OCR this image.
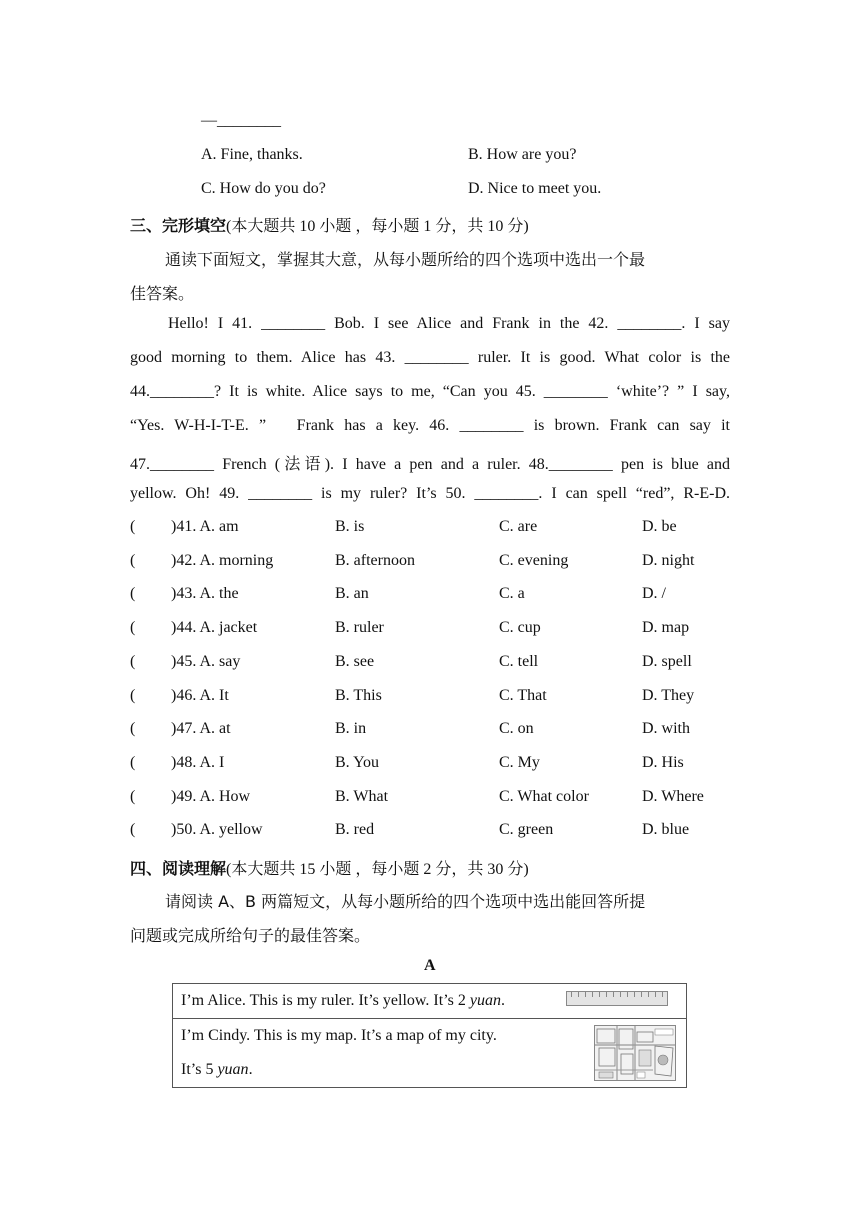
—________
A. Fine, thanks.	B. How are you?
C. How do you do?	D. Nice to meet you.
三、完形填空(本大题共 10 小题 ，每小题 1 分，共 10 分)
通读下面短文，掌握其大意，从每小题所给的四个选项中选出一个最
佳答案。
Hello! I 41. ________ Bob. I see Alice and Frank in the 42. ________. I say
good morning to them. Alice has 43. ________ ruler. It is good. What color is the
44.________? It is white. Alice says to me, “Can you 45. ________ ‘white’? ” I say,
“Yes. W-H-I-T-E. ”   Frank has a key. 46. ________ is brown. Frank can say it
47.________ French (法语). I have a pen and a ruler. 48.________ pen is blue and
yellow. Oh! 49. ________ is my ruler? It’s 50. ________. I can spell “red”, R-E-D.
( )41. A. am	B. is	C. are	D. be
( )42. A. morning	B. afternoon	C. evening	D. night
( )43. A. the	B. an	C. a	D. /
( )44. A. jacket	B. ruler	C. cup	D. map
( )45. A. say	B. see	C. tell	D. spell
( )46. A. It	B. This	C. That	D. They
( )47. A. at	B. in	C. on	D. with
( )48. A. I	B. You	C. My	D. His
( )49. A. How	B. What	C. What color	D. Where
( )50. A. yellow	B. red	C. green	D. blue
四、阅读理解(本大题共 15 小题 ，每小题 2 分，共 30 分)
请阅读 A、B 两篇短文，从每小题所给的四个选项中选出能回答所提
问题或完成所给句子的最佳答案。
A
I’m Alice. This is my ruler. It’s yellow. It’s 2 yuan.

I’m Cindy. This is my map. It’s a map of my city.
It’s 5 yuan.
